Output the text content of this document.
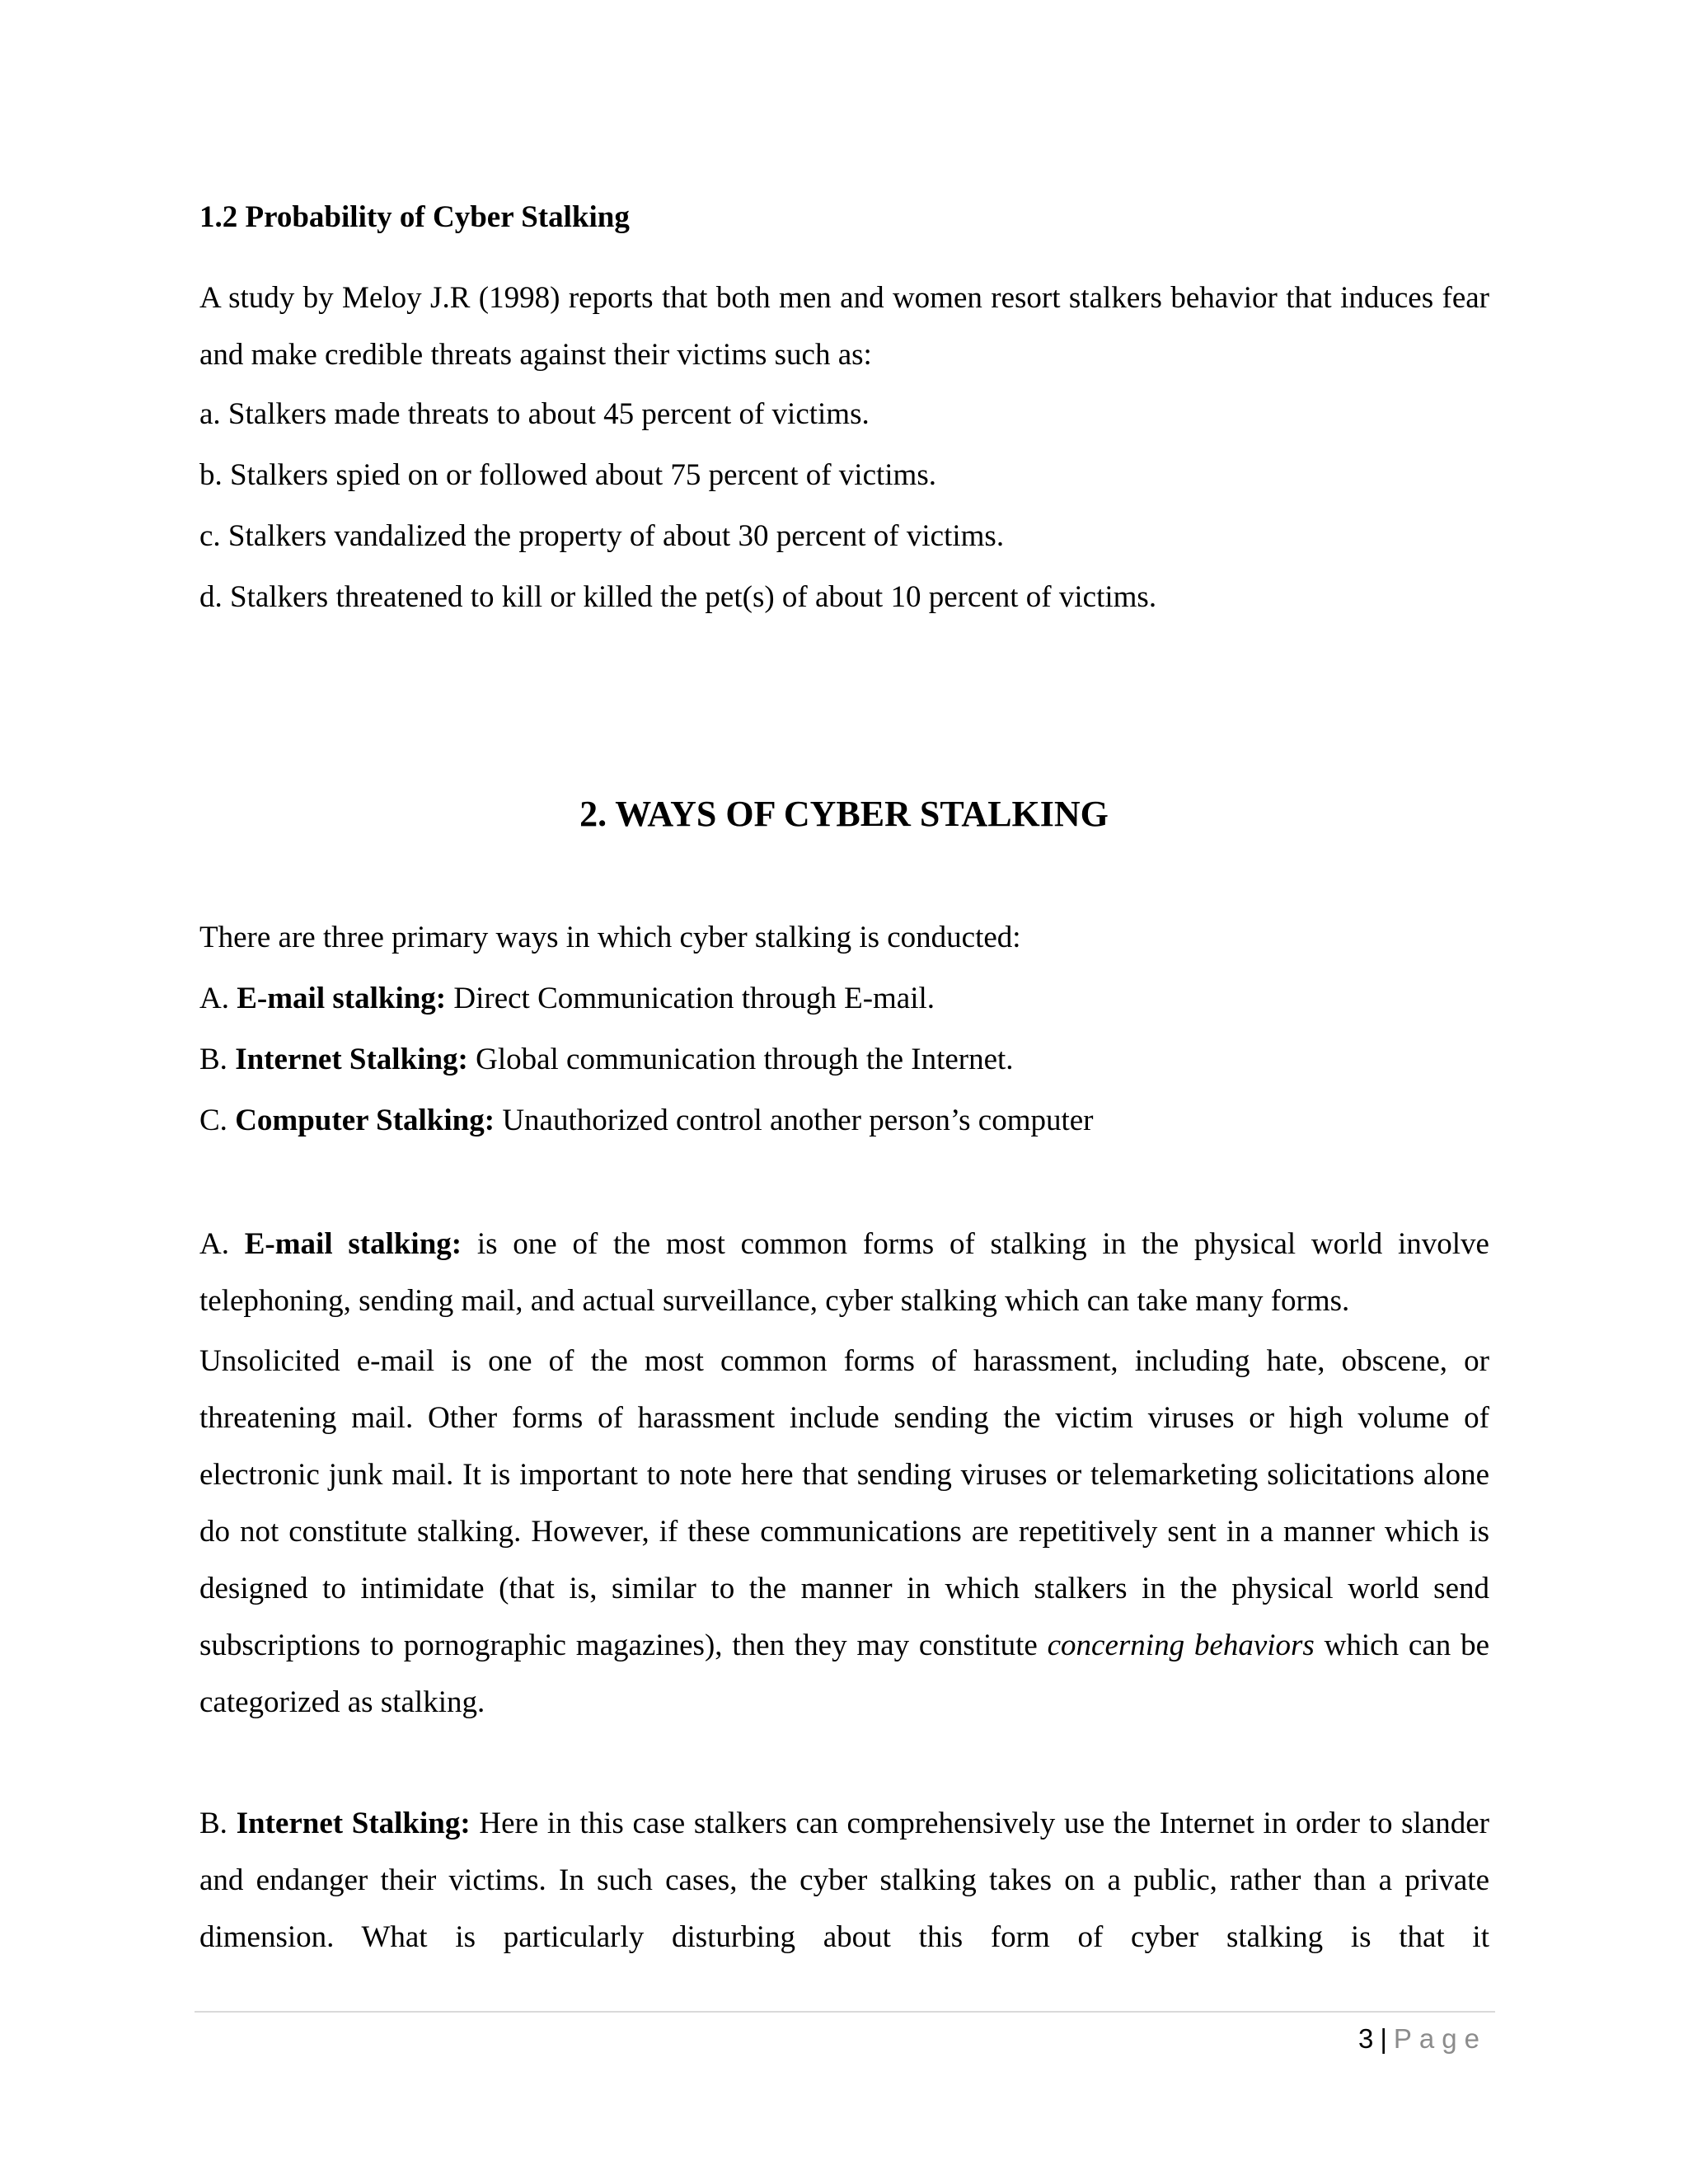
1.2 Probability of Cyber Stalking

A study by Meloy J.R (1998) reports that both men and women resort stalkers behavior that induces fear and make credible threats against their victims such as:

a. Stalkers made threats to about 45 percent of victims.

b. Stalkers spied on or followed about 75 percent of victims.

c. Stalkers vandalized the property of about 30 percent of victims.

d. Stalkers threatened to kill or killed the pet(s) of about 10 percent of victims.

2. WAYS OF CYBER STALKING

There are three primary ways in which cyber stalking is conducted:

A. E-mail stalking: Direct Communication through E-mail.

B. Internet Stalking: Global communication through the Internet.

C. Computer Stalking: Unauthorized control another person’s computer

A. E-mail stalking: is one of the most common forms of stalking in the physical world involve telephoning, sending mail, and actual surveillance, cyber stalking which can take many forms.

Unsolicited e-mail is one of the most common forms of harassment, including hate, obscene, or threatening mail. Other forms of harassment include sending the victim viruses or high volume of electronic junk mail. It is important to note here that sending viruses or telemarketing solicitations alone do not constitute stalking. However, if these communications are repetitively sent in a manner which is designed to intimidate (that is, similar to the manner in which stalkers in the physical world send subscriptions to pornographic magazines), then they may constitute concerning behaviors which can be categorized as stalking.

B. Internet Stalking: Here in this case stalkers can comprehensively use the Internet in order to slander and endanger their victims. In such cases, the cyber stalking takes on a public, rather than a private dimension. What is particularly disturbing about this form of cyber stalking is that it

3 | Page
